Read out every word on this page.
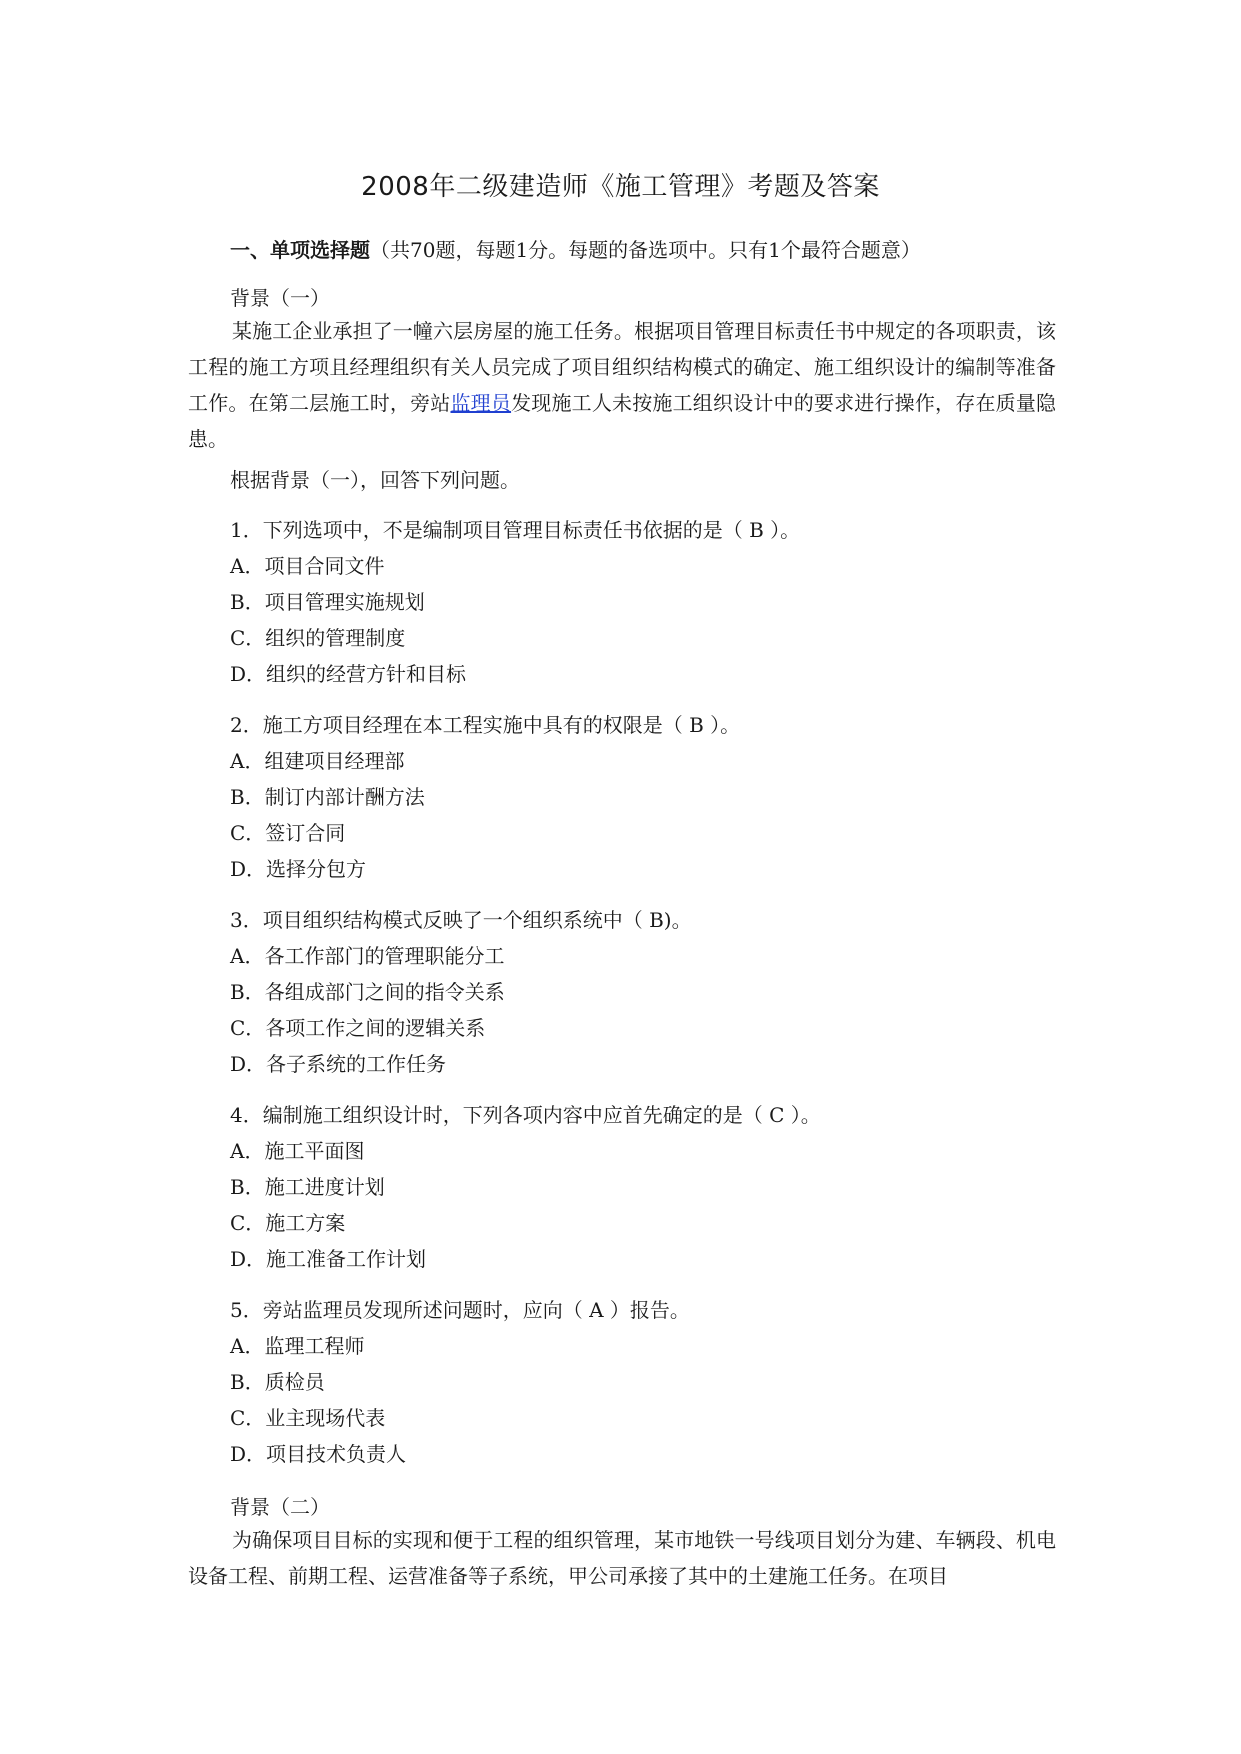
2008年二级建造师《施工管理》考题及答案
一、单项选择题（共70题，每题1分。每题的备选项中。只有1个最符合题意）
背景（一）
某施工企业承担了一幢六层房屋的施工任务。根据项目管理目标责任书中规定的各项职责，该工程的施工方项且经理组织有关人员完成了项目组织结构模式的确定、施工组织设计的编制等准备工作。在第二层施工时，旁站监理员发现施工人未按施工组织设计中的要求进行操作，存在质量隐患。
根据背景（一），回答下列问题。
1．下列选项中，不是编制项目管理目标责任书依据的是（ B ）。
A．项目合同文件
B．项目管理实施规划
C．组织的管理制度
D．组织的经营方针和目标
2．施工方项目经理在本工程实施中具有的权限是（ B ）。
A．组建项目经理部
B．制订内部计酬方法
C．签订合同
D．选择分包方
3．项目组织结构模式反映了一个组织系统中（ B)。
A．各工作部门的管理职能分工
B．各组成部门之间的指令关系
C．各项工作之间的逻辑关系
D．各子系统的工作任务
4．编制施工组织设计时，下列各项内容中应首先确定的是（ C ）。
A．施工平面图
B．施工进度计划
C．施工方案
D．施工准备工作计划
5．旁站监理员发现所述问题时，应向（ A ）报告。
A．监理工程师
B．质检员
C．业主现场代表
D．项目技术负责人
背景（二）
为确保项目目标的实现和便于工程的组织管理，某市地铁一号线项目划分为建、车辆段、机电设备工程、前期工程、运营准备等子系统，甲公司承接了其中的土建施工任务。在项目
